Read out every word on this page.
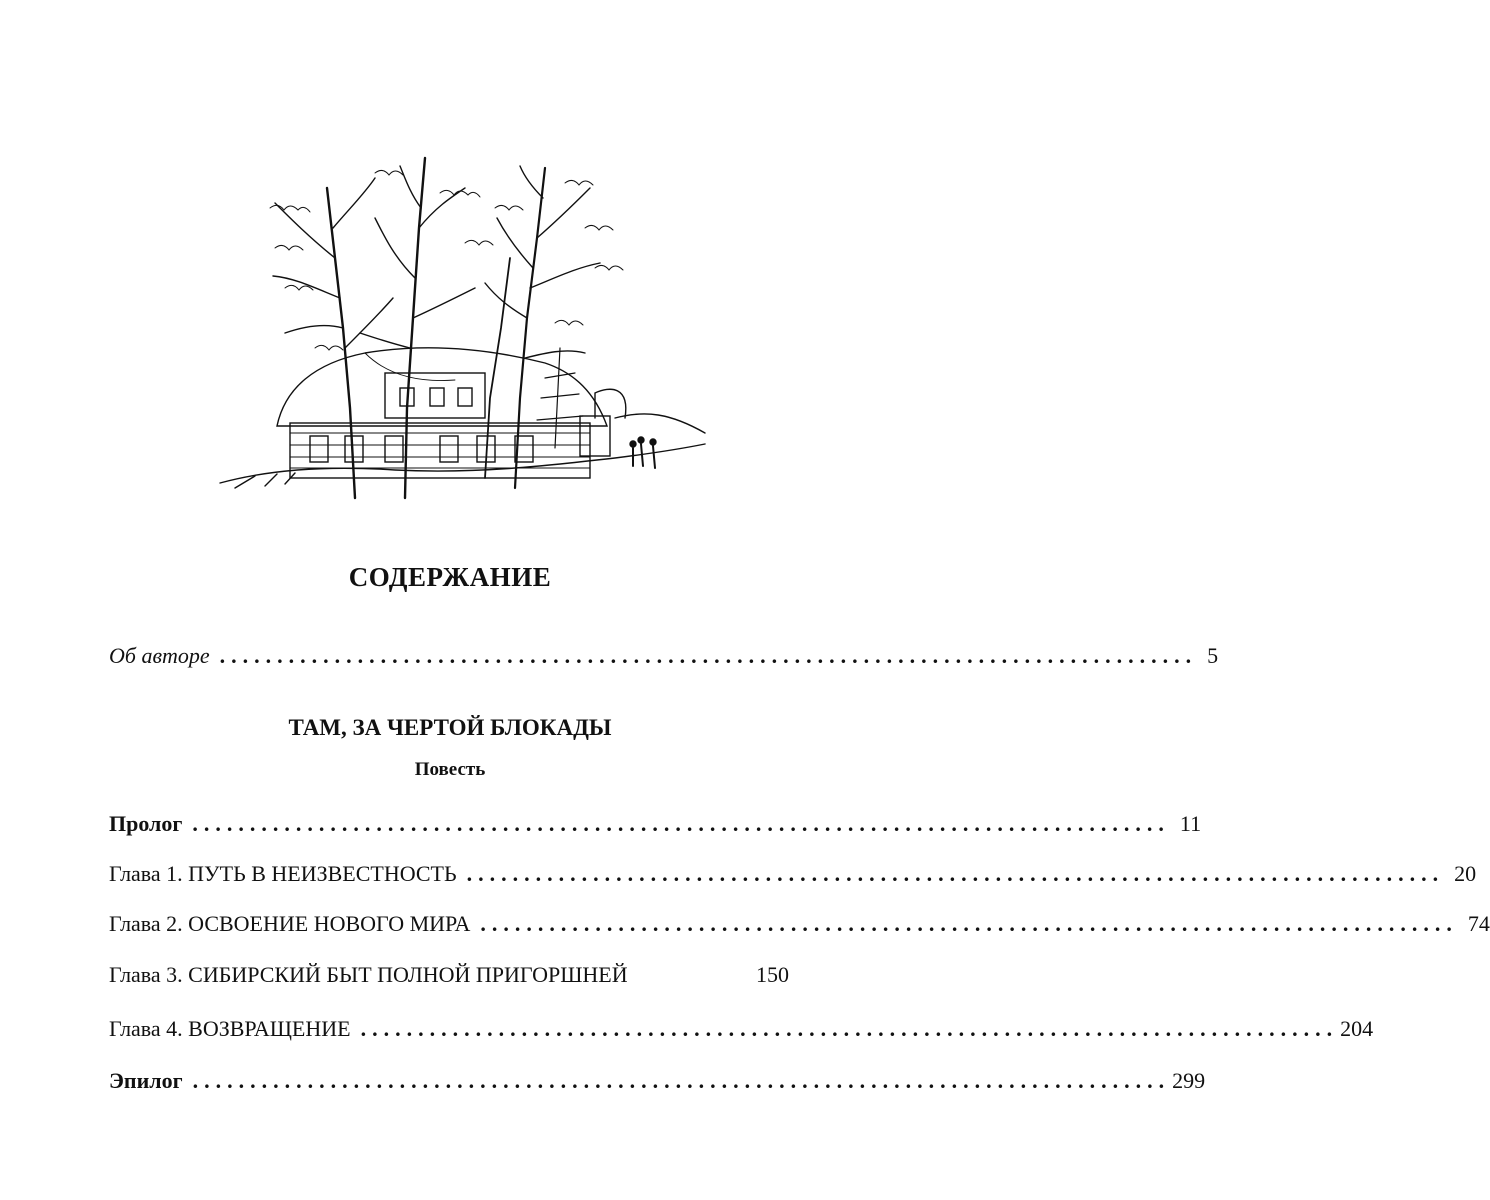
СОДЕРЖАНИЕ
Об авторе ..................................................................................... 5
ТАМ, ЗА ЧЕРТОЙ БЛОКАДЫ
Повесть
Пролог ..................................................................................... 11
Глава 1. ПУТЬ В НЕИЗВЕСТНОСТЬ ..................................................................................... 20
Глава 2. ОСВОЕНИЕ НОВОГО МИРА ..................................................................................... 74
Глава 3. СИБИРСКИЙ БЫТ ПОЛНОЙ ПРИГОРШНЕЙ	150
Глава 4. ВОЗВРАЩЕНИЕ ..................................................................................... 204
Эпилог ..................................................................................... 299
